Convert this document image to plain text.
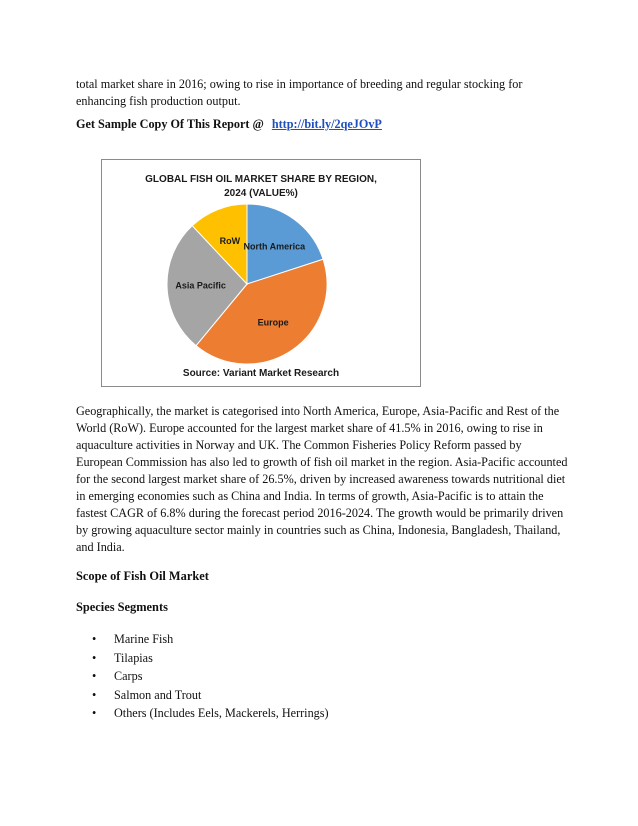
total market share in 2016; owing to rise in importance of breeding and regular stocking for enhancing fish production output.

Get Sample Copy Of This Report @ http://bit.ly/2qeJOvP

GLOBAL FISH OIL MARKET SHARE BY REGION,
2024 (VALUE%)
North America
Europe
Asia Pacific
RoW
Source: Variant Market Research

Geographically, the market is categorised into North America, Europe, Asia-Pacific and Rest of the World (RoW). Europe accounted for the largest market share of 41.5% in 2016, owing to rise in aquaculture activities in Norway and UK. The Common Fisheries Policy Reform passed by European Commission has also led to growth of fish oil market in the region. Asia-Pacific accounted for the second largest market share of 26.5%, driven by increased awareness towards nutritional diet in emerging economies such as China and India. In terms of growth, Asia-Pacific is to attain the fastest CAGR of 6.8% during the forecast period 2016-2024. The growth would be primarily driven by growing aquaculture sector mainly in countries such as China, Indonesia, Bangladesh, Thailand, and India.

Scope of Fish Oil Market
Species Segments
• Marine Fish
• Tilapias
• Carps
• Salmon and Trout
• Others (Includes Eels, Mackerels, Herrings)
